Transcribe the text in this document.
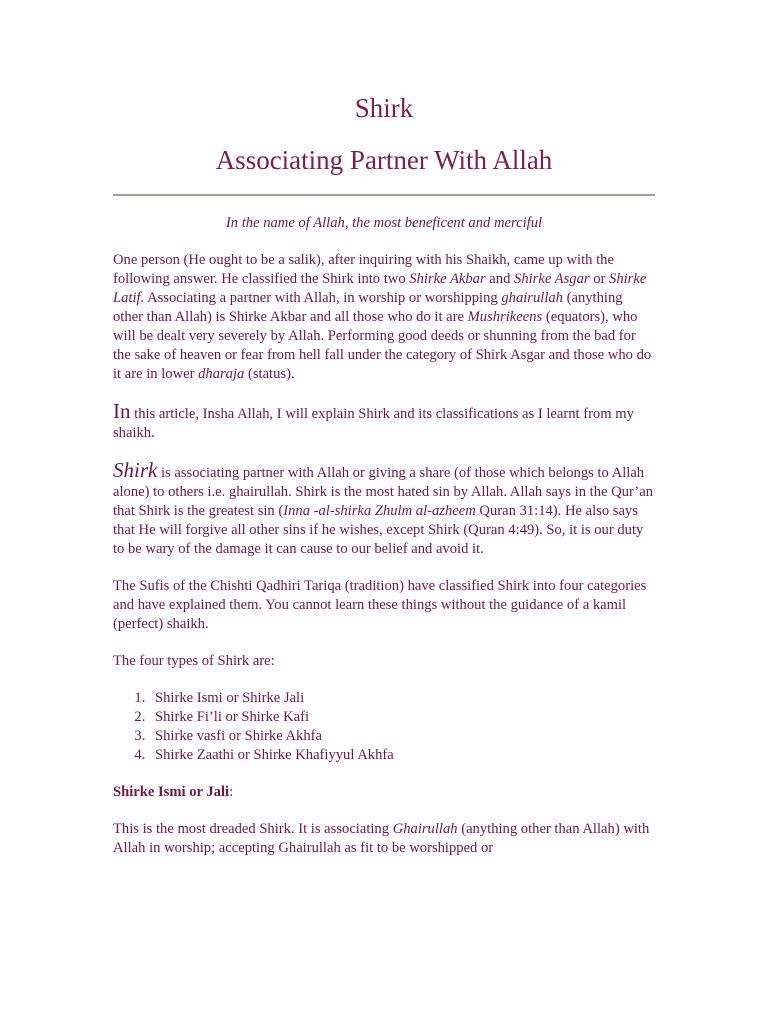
Shirk
Associating Partner With Allah

In the name of Allah, the most beneficent and merciful

One person (He ought to be a salik), after inquiring with his Shaikh, came up with the following answer. He classified the Shirk into two Shirke Akbar and Shirke Asgar or Shirke Latif. Associating a partner with Allah, in worship or worshipping ghairullah (anything other than Allah) is Shirke Akbar and all those who do it are Mushrikeens (equators), who will be dealt very severely by Allah. Performing good deeds or shunning from the bad for the sake of heaven or fear from hell fall under the category of Shirk Asgar and those who do it are in lower dharaja (status).

In this article, Insha Allah, I will explain Shirk and its classifications as I learnt from my shaikh.

Shirk is associating partner with Allah or giving a share (of those which belongs to Allah alone) to others i.e. ghairullah. Shirk is the most hated sin by Allah. Allah says in the Qur’an that Shirk is the greatest sin (Inna -al-shirka Zhulm al-azheem Quran 31:14). He also says that He will forgive all other sins if he wishes, except Shirk (Quran 4:49). So, it is our duty to be wary of the damage it can cause to our belief and avoid it.

The Sufis of the Chishti Qadhiri Tariqa (tradition) have classified Shirk into four categories and have explained them. You cannot learn these things without the guidance of a kamil (perfect) shaikh.

The four types of Shirk are:

1. Shirke Ismi or Shirke Jali
2. Shirke Fi’li or Shirke Kafi
3. Shirke vasfi or Shirke Akhfa
4. Shirke Zaathi or Shirke Khafiyyul Akhfa

Shirke Ismi or Jali:

This is the most dreaded Shirk. It is associating Ghairullah (anything other than Allah) with Allah in worship; accepting Ghairullah as fit to be worshipped or
